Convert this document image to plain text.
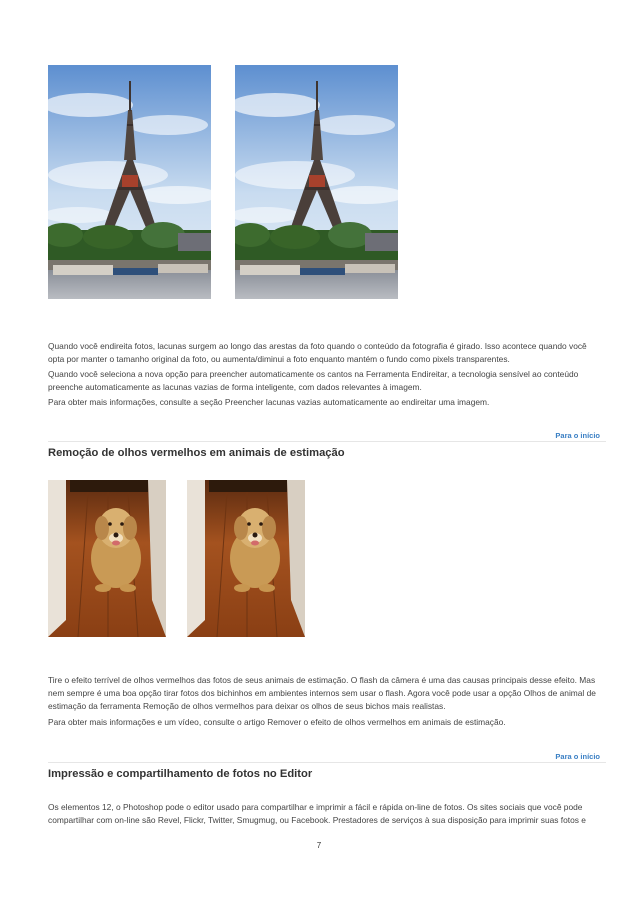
Quando você endireita fotos, lacunas surgem ao longo das arestas da foto quando o conteúdo da fotografia é girado. Isso acontece quando você opta por manter o tamanho original da foto, ou aumenta/diminui a foto enquanto mantém o fundo como pixels transparentes.

Quando você seleciona a nova opção para preencher automaticamente os cantos na Ferramenta Endireitar, a tecnologia sensível ao conteúdo preenche automaticamente as lacunas vazias de forma inteligente, com dados relevantes à imagem.

Para obter mais informações, consulte a seção Preencher lacunas vazias automaticamente ao endireitar uma imagem.

Para o início
Remoção de olhos vermelhos em animais de estimação

Tire o efeito terrível de olhos vermelhos das fotos de seus animais de estimação. O flash da câmera é uma das causas principais desse efeito. Mas nem sempre é uma boa opção tirar fotos dos bichinhos em ambientes internos sem usar o flash. Agora você pode usar a opção Olhos de animal de estimação da ferramenta Remoção de olhos vermelhos para deixar os olhos de seus bichos mais realistas.

Para obter mais informações e um vídeo, consulte o artigo Remover o efeito de olhos vermelhos em animais de estimação.

Para o início
Impressão e compartilhamento de fotos no Editor

Os elementos 12, o Photoshop pode o editor usado para compartilhar e imprimir a fácil e rápida on-line de fotos. Os sites sociais que você pode compartilhar com on-line são Revel, Flickr, Twitter, Smugmug, ou Facebook. Prestadores de serviços à sua disposição para imprimir suas fotos e

7
